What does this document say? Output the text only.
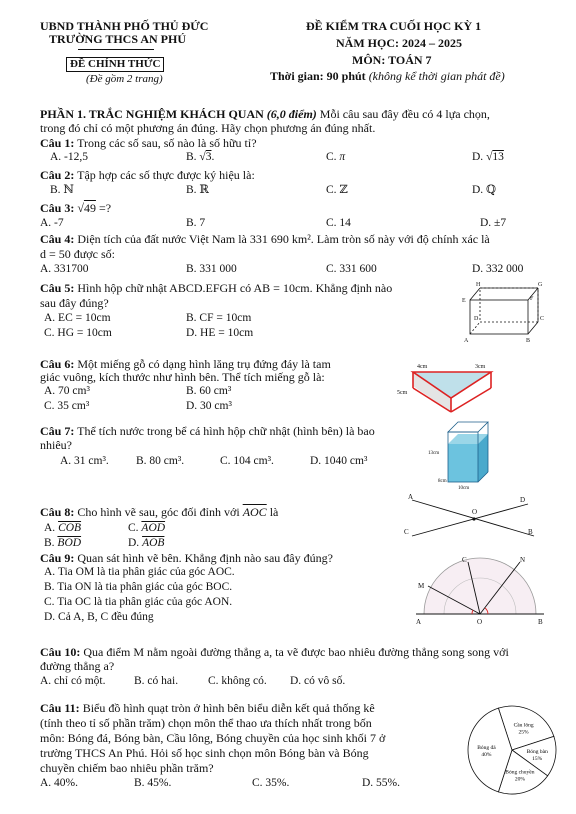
UBND THÀNH PHỐ THỦ ĐỨC
TRƯỜNG THCS AN PHÚ
ĐỀ CHÍNH THỨC
(Đề gồm 2 trang)
ĐỀ KIỂM TRA CUỐI HỌC KỲ 1
NĂM HỌC: 2024 – 2025
MÔN: TOÁN 7
Thời gian: 90 phút (không kể thời gian phát đề)
PHẦN 1. TRẮC NGHIỆM KHÁCH QUAN (6,0 điểm) Mỗi câu sau đây đều có 4 lựa chọn,
trong đó chỉ có một phương án đúng. Hãy chọn phương án đúng nhất.
Câu 1: Trong các số sau, số nào là số hữu tỉ?
A. -12,5	B. √3.	C. π	D. √13
Câu 2: Tập hợp các số thực được ký hiệu là:
B. ℕ	B. ℝ	C. ℤ	D. ℚ
Câu 3: √49 =?
A. -7	B. 7	C. 14	D. ±7
Câu 4: Diện tích của đất nước Việt Nam là 331 690 km². Làm tròn số này với độ chính xác là
d = 50 được số:
A. 331700	B. 331 000	C. 331 600	D. 332 000
Câu 5: Hình hộp chữ nhật ABCD.EFGH có AB = 10cm. Khẳng định nào
sau đây đúng?
A. EC = 10cm	B. CF = 10cm
C. HG = 10cm	D. HE = 10cm
H	G
E	F
D	C
A	B
Câu 6: Một miếng gỗ có dạng hình lăng trụ đứng đáy là tam
giác vuông, kích thước như hình bên. Thể tích miếng gỗ là:
A. 70 cm³	B. 60 cm³
C. 35 cm³	D. 30 cm³
4cm	3cm
5cm
Câu 7: Thể tích nước trong bể cá hình hộp chữ nhật (hình bên) là bao
nhiêu?
A. 31 cm³. B. 80 cm³.	C. 104 cm³.	D. 1040 cm³
13cm
8cm
10cm
Câu 8: Cho hình vẽ sau, góc đối đỉnh với $\overline{AOC}$ là
A. $\overline{COB}$	C. $\overline{AOD}$
B. $\overline{BOD}$	D. $\overline{AOB}$
A	D
O
C	B
Câu 9: Quan sát hình vẽ bên. Khẳng định nào sau đây đúng?
A. Tia OM là tia phân giác của góc AOC.
B. Tia ON là tia phân giác của góc BOC.
C. Tia OC là tia phân giác của góc AON.
D. Cả A, B, C đều đúng
M
C	N
A	O	B
Câu 10: Qua điểm M nằm ngoài đường thẳng a, ta vẽ được bao nhiêu đường thẳng song song với
đường thẳng a?
A. chỉ có một. B. có hai.	C. không có. D. có vô số.
Câu 11: Biểu đồ hình quạt tròn ở hình bên biểu diễn kết quả thống kê
(tính theo tỉ số phần trăm) chọn môn thể thao ưa thích nhất trong bốn
môn: Bóng đá, Bóng bàn, Cầu lông, Bóng chuyền của học sinh khối 7 ở
trường THCS An Phú. Hỏi số học sinh chọn môn Bóng bàn và Bóng
chuyền chiếm bao nhiêu phần trăm?
A. 40%.	B. 45%.	C. 35%.	D. 55%.
Bóng đá
40%
Cầu lông
25%
Bóng bàn
15%
Bóng chuyền
20%
